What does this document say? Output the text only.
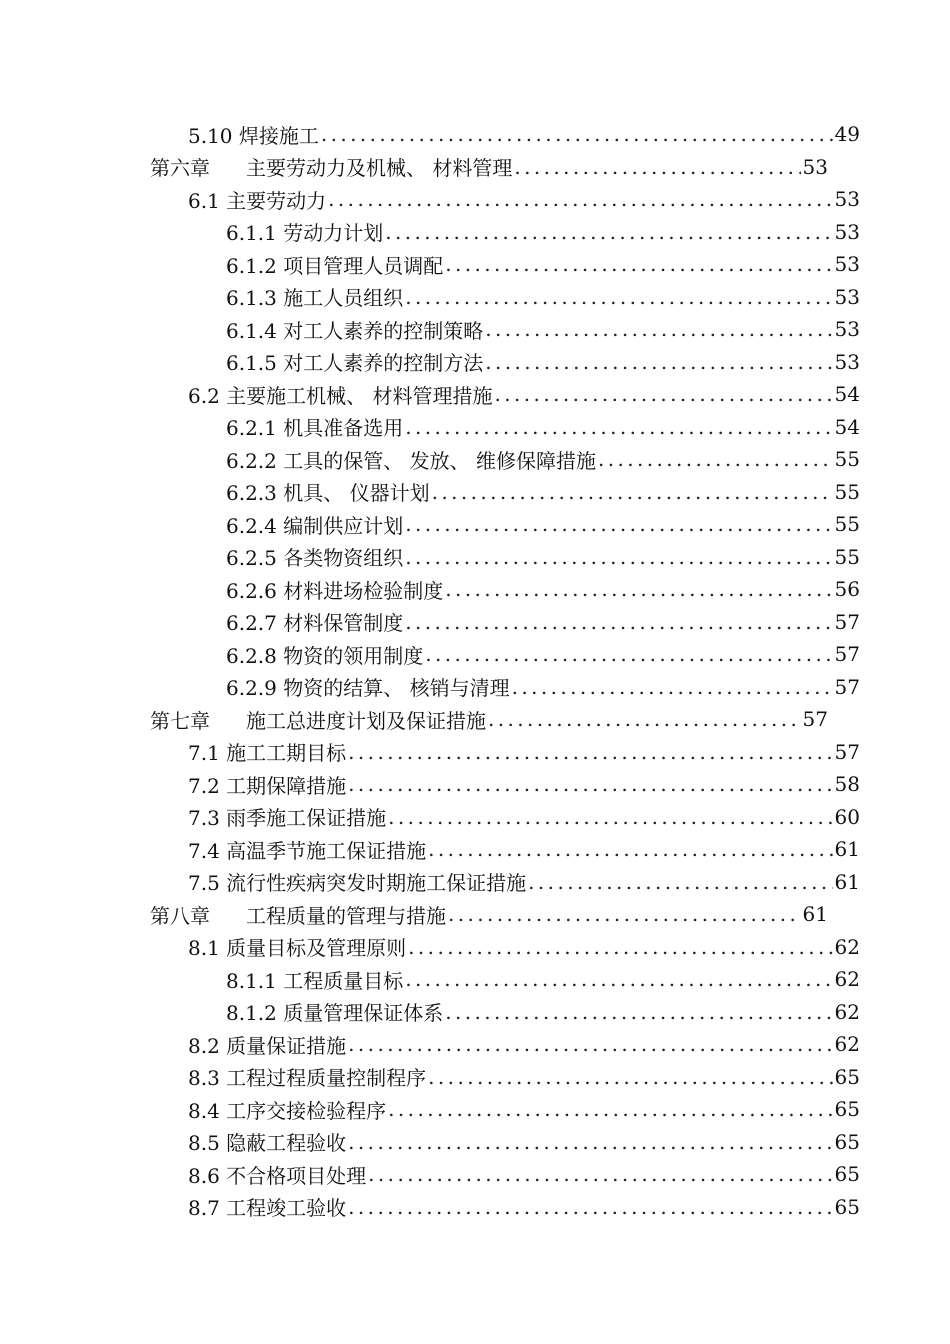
5.10 焊接施工 .....	49
第六章 主要劳动力及机械、 材料管理 .....	53
6.1 主要劳动力 .....	53
6.1.1 劳动力计划 .....	53
6.1.2 项目管理人员调配 .....	53
6.1.3 施工人员组织 .....	53
6.1.4 对工人素养的控制策略 .....	53
6.1.5 对工人素养的控制方法 .....	53
6.2 主要施工机械、 材料管理措施 .....	54
6.2.1 机具准备选用 .....	54
6.2.2 工具的保管、 发放、 维修保障措施 .....	55
6.2.3 机具、 仪器计划 .....	55
6.2.4 编制供应计划 .....	55
6.2.5 各类物资组织 .....	55
6.2.6 材料进场检验制度 .....	56
6.2.7 材料保管制度 .....	57
6.2.8 物资的领用制度 .....	57
6.2.9 物资的结算、 核销与清理 .....	57
第七章 施工总进度计划及保证措施 .....	57
7.1 施工工期目标 .....	57
7.2 工期保障措施 .....	58
7.3 雨季施工保证措施 .....	60
7.4 高温季节施工保证措施 .....	61
7.5 流行性疾病突发时期施工保证措施 .....	61
第八章 工程质量的管理与措施 .....	61
8.1 质量目标及管理原则 .....	62
8.1.1 工程质量目标 .....	62
8.1.2 质量管理保证体系 .....	62
8.2 质量保证措施 .....	62
8.3 工程过程质量控制程序 .....	65
8.4 工序交接检验程序 .....	65
8.5 隐蔽工程验收 .....	65
8.6 不合格项目处理 .....	65
8.7 工程竣工验收 .....	65
